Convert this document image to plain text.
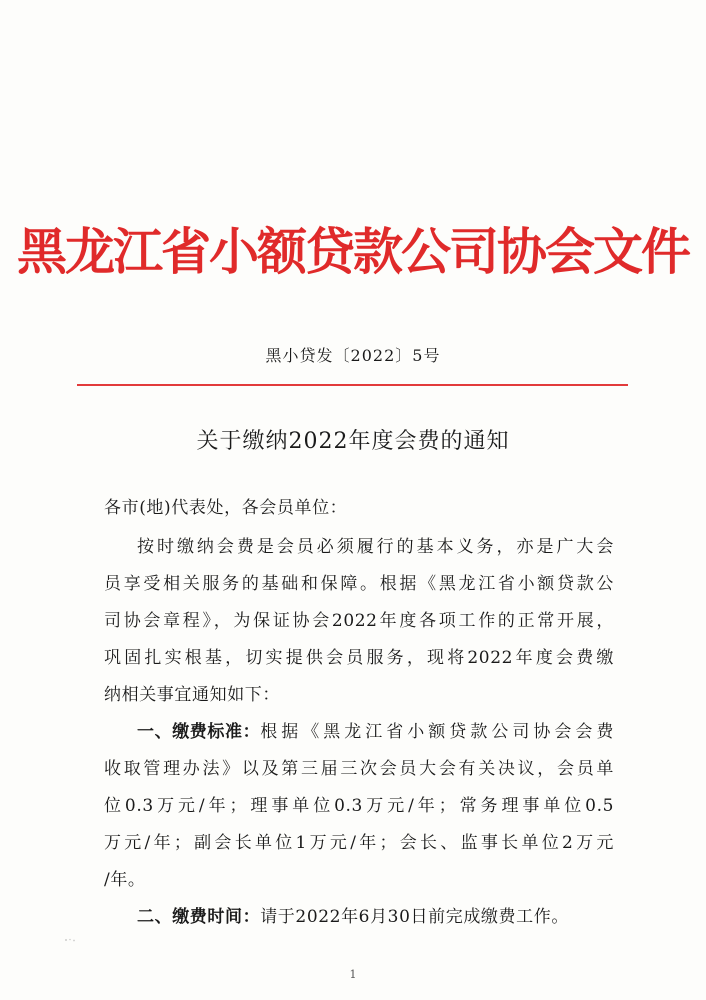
黑龙江省小额贷款公司协会文件
黑小贷发〔2022〕5号
关于缴纳2022年度会费的通知
各市(地)代表处，各会员单位：
按时缴纳会费是会员必须履行的基本义务，亦是广大会
员享受相关服务的基础和保障。根据《黑龙江省小额贷款公
司协会章程》，为保证协会2022年度各项工作的正常开展，
巩固扎实根基，切实提供会员服务，现将2022年度会费缴
纳相关事宜通知如下：
一、缴费标准： 根据《黑龙江省小额贷款公司协会会费
收取管理办法》以及第三届三次会员大会有关决议，会员单
位0.3万元/年；理事单位0.3万元/年；常务理事单位0.5
万元/年；副会长单位1万元/年；会长、监事长单位2万元
/年。
二、缴费时间：请于2022年6月30日前完成缴费工作。
1
